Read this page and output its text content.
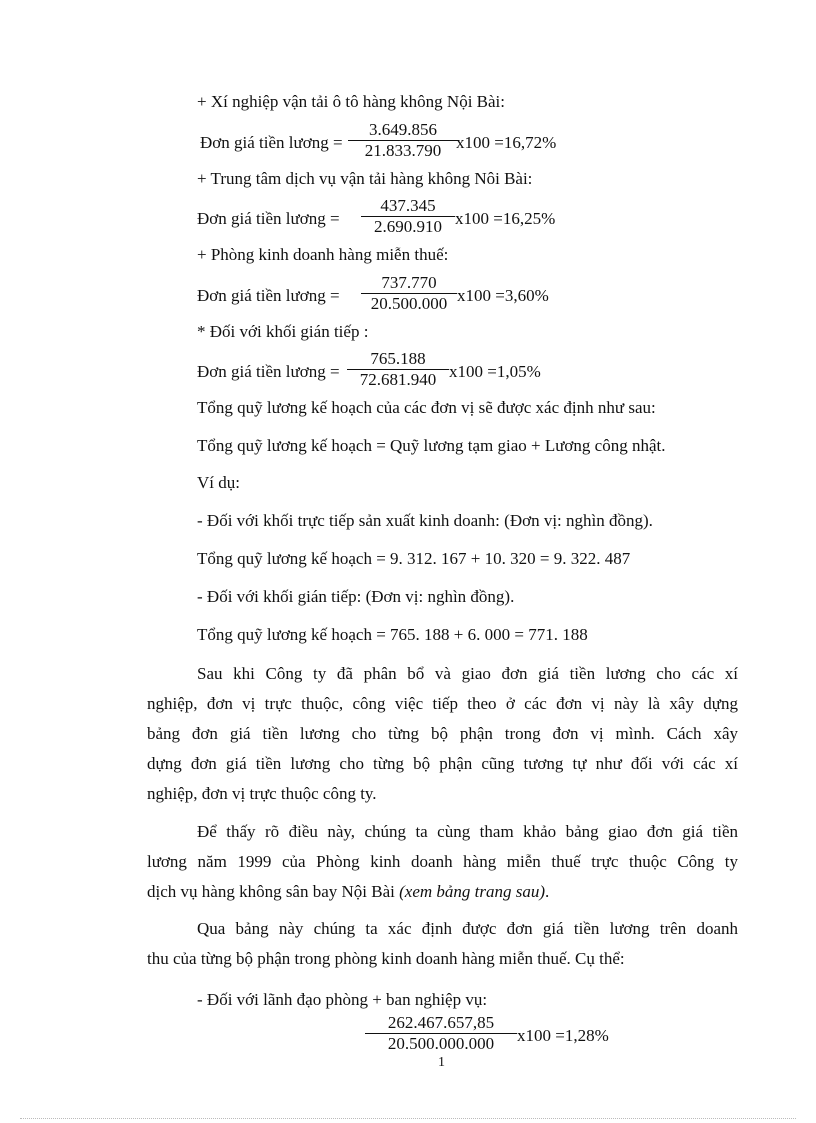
+ Xí nghiệp vận tải ô tô hàng không Nội Bài:
Đơn giá tiền lương =
3.649.856
21.833.790 x100 =16,72%
+ Trung tâm dịch vụ vận tải hàng không Nôi Bài:
Đơn giá tiền lương =
437.345
2.690.910 x100 =16,25%
+ Phòng kinh doanh hàng miễn thuế:
Đơn giá tiền lương =
737.770
20.500.000 x100 =3,60%
* Đối với khối gián tiếp :
Đơn giá tiền lương =
765.188
72.681.940 x100 =1,05%
Tổng quỹ lương kế hoạch của các đơn vị sẽ được xác định như sau:
Tổng quỹ lương kế hoạch = Quỹ lương tạm giao + Lương công nhật.
Ví dụ:
- Đối với khối trực tiếp sản xuất kinh doanh: (Đơn vị: nghìn đồng).
Tổng quỹ lương kế hoạch = 9. 312. 167 + 10. 320 = 9. 322. 487
- Đối với khối gián tiếp: (Đơn vị: nghìn đồng).
Tổng quỹ lương kế hoạch = 765. 188 + 6. 000 = 771. 188
Sau khi Công ty đã phân bổ và giao đơn giá tiền lương cho các xí
nghiệp, đơn vị trực thuộc, công việc tiếp theo ở các đơn vị này là xây dựng
bảng đơn giá tiền lương cho từng bộ phận trong đơn vị mình. Cách xây
dựng đơn giá tiền lương cho từng bộ phận cũng tương tự như đối với các xí
nghiệp, đơn vị trực thuộc công ty.
Để thấy rõ điều này, chúng ta cùng tham khảo bảng giao đơn giá tiền
lương năm 1999 của Phòng kinh doanh hàng miễn thuế trực thuộc Công ty
dịch vụ hàng không sân bay Nội Bài (xem bảng trang sau).
Qua bảng này chúng ta xác định được đơn giá tiền lương trên doanh
thu của từng bộ phận trong phòng kinh doanh hàng miễn thuế. Cụ thể:
- Đối với lãnh đạo phòng + ban nghiệp vụ:
262.467.657,85
20.500.000.000	x100 =1,28%
1
